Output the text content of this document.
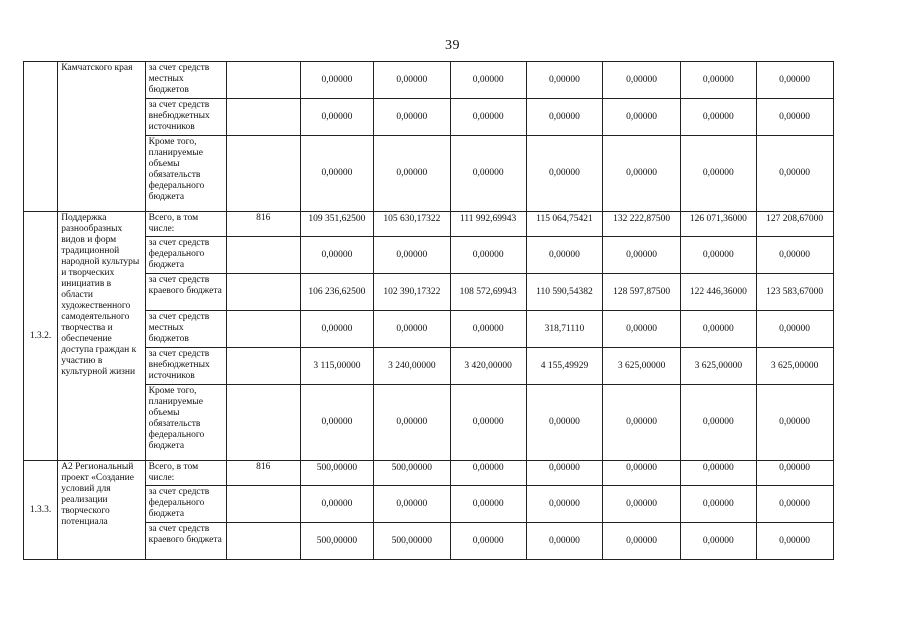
39
	Камчатского края	за счет средств местных бюджетов		0,00000	0,00000	0,00000	0,00000	0,00000	0,00000	0,00000
		за счет средств внебюджетных источников		0,00000	0,00000	0,00000	0,00000	0,00000	0,00000	0,00000
		Кроме того, планируемые объемы обязательств федерального бюджета		0,00000	0,00000	0,00000	0,00000	0,00000	0,00000	0,00000
1.3.2.	Поддержка разнообразных видов и форм традиционной народной культуры и творческих инициатив в области художественного самодеятельного творчества и обеспечение доступа граждан к участию в культурной жизни	Всего, в том числе:	816	109 351,62500	105 630,17322	111 992,69943	115 064,75421	132 222,87500	126 071,36000	127 208,67000
		за счет средств федерального бюджета		0,00000	0,00000	0,00000	0,00000	0,00000	0,00000	0,00000
		за счет средств краевого бюджета		106 236,62500	102 390,17322	108 572,69943	110 590,54382	128 597,87500	122 446,36000	123 583,67000
		за счет средств местных бюджетов		0,00000	0,00000	0,00000	318,71110	0,00000	0,00000	0,00000
		за счет средств внебюджетных источников		3 115,00000	3 240,00000	3 420,00000	4 155,49929	3 625,00000	3 625,00000	3 625,00000
		Кроме того, планируемые объемы обязательств федерального бюджета		0,00000	0,00000	0,00000	0,00000	0,00000	0,00000	0,00000
1.3.3.	А2 Региональный проект «Создание условий для реализации творческого потенциала	Всего, в том числе:	816	500,00000	500,00000	0,00000	0,00000	0,00000	0,00000	0,00000
		за счет средств федерального бюджета		0,00000	0,00000	0,00000	0,00000	0,00000	0,00000	0,00000
		за счет средств краевого бюджета		500,00000	500,00000	0,00000	0,00000	0,00000	0,00000	0,00000
